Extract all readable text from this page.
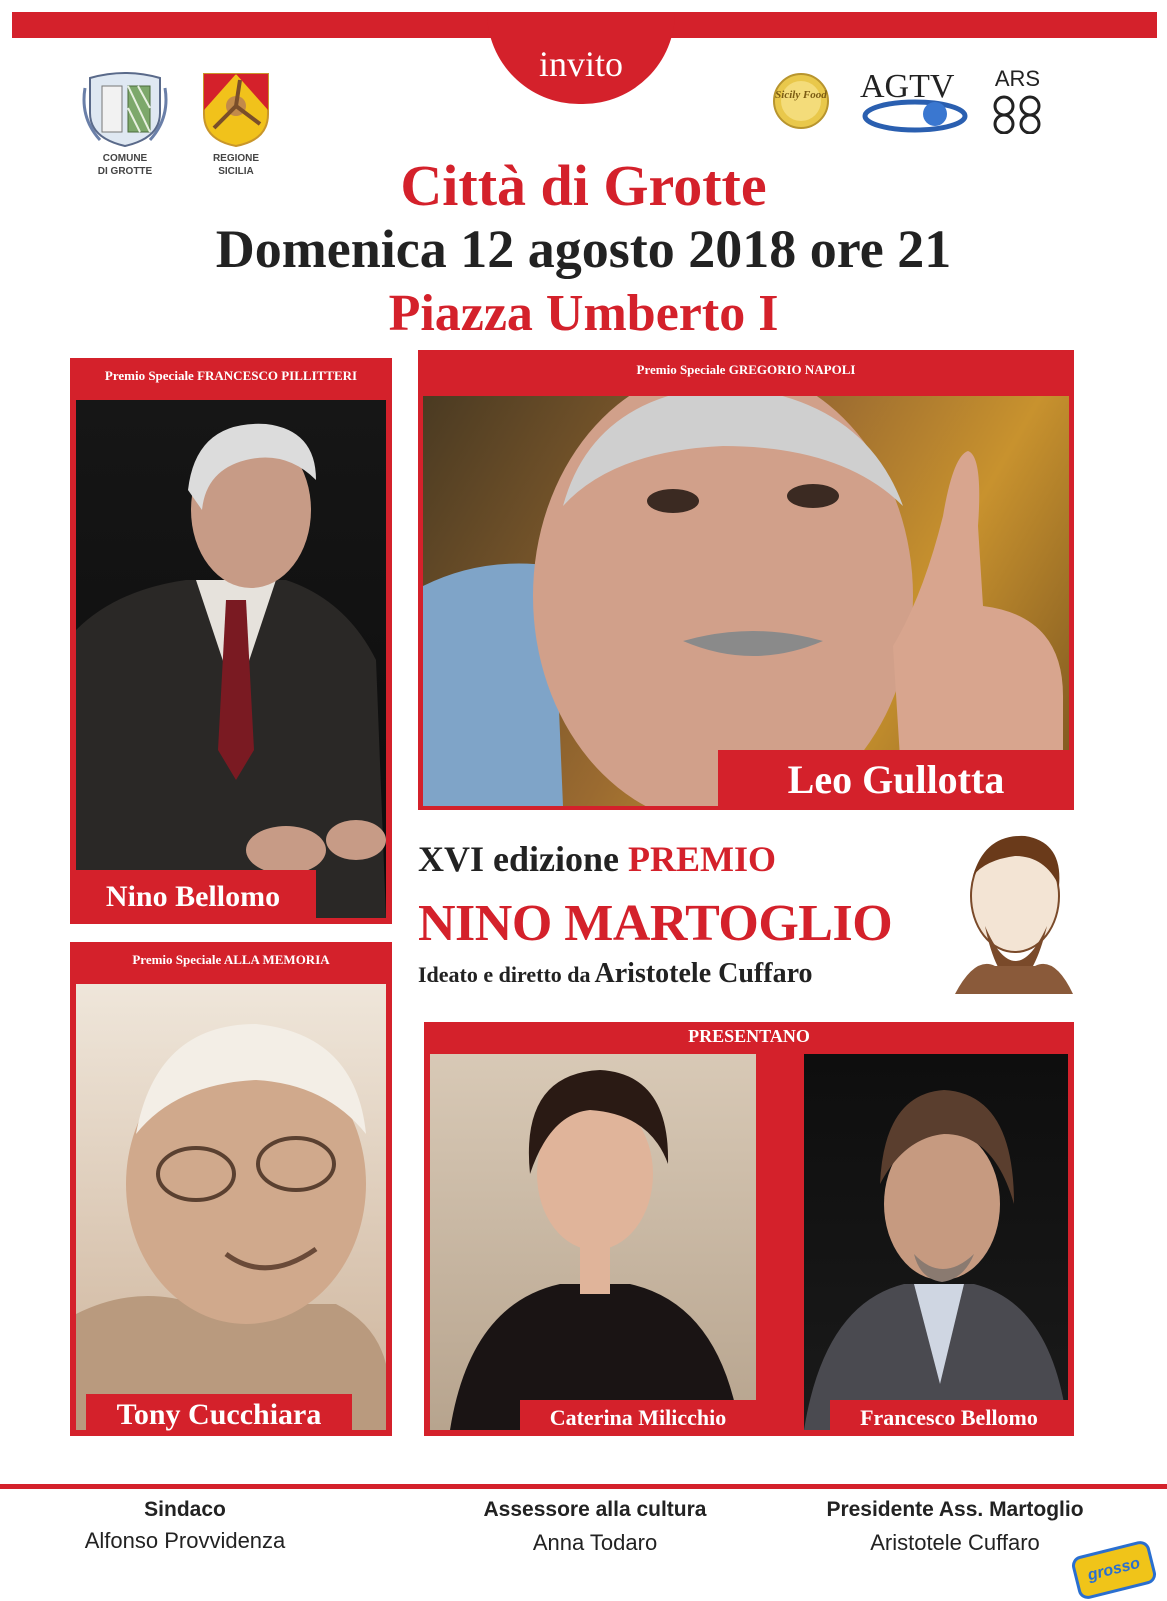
invito
COMUNE
DI GROTTE
REGIONE
SICILIA
Sicily Food AGTV ARS
Città di Grotte
Domenica 12 agosto 2018 ore 21
Piazza Umberto I
Premio Speciale FRANCESCO PILLITTERI
Nino Bellomo
Premio Speciale GREGORIO NAPOLI
Leo Gullotta
XVI edizione PREMIO
NINO MARTOGLIO
Ideato e diretto da Aristotele Cuffaro
Premio Speciale ALLA MEMORIA
Tony Cucchiara
PRESENTANO
Caterina Milicchio	Francesco Bellomo
Sindaco
Alfonso Provvidenza
Assessore alla cultura
Anna Todaro
Presidente Ass. Martoglio
Aristotele Cuffaro
grosso
